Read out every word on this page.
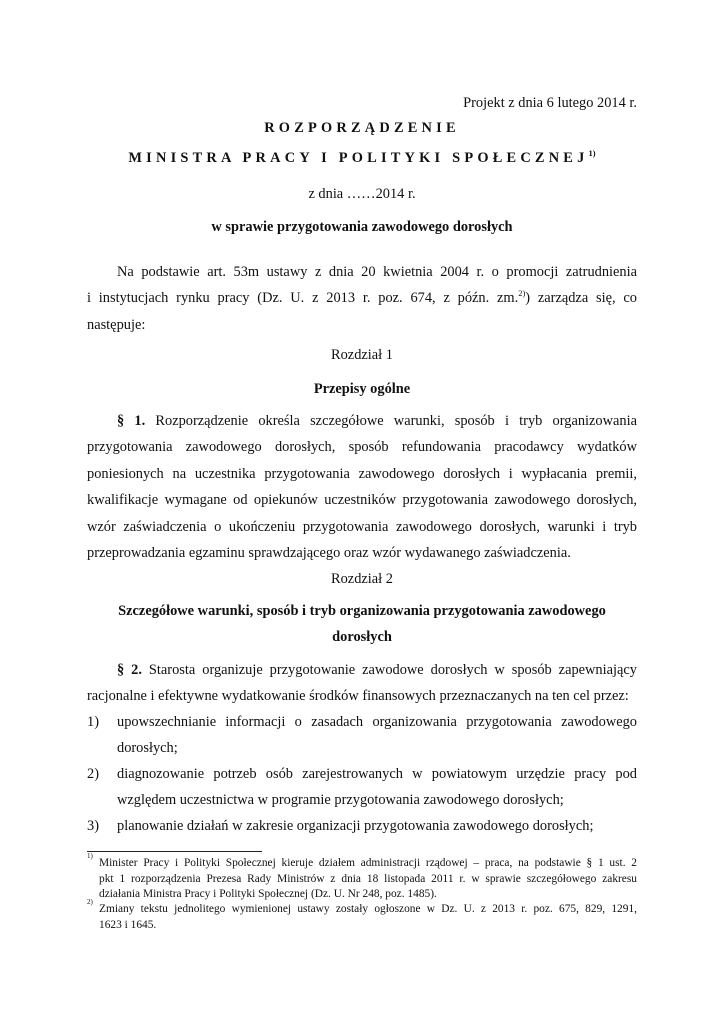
Projekt z dnia 6 lutego 2014 r.
ROZPORZĄDZENIE
MINISTRA PRACY I POLITYKI SPOŁECZNEJ$^{1)}$
z dnia ……2014 r.
w sprawie przygotowania zawodowego dorosłych
Na podstawie art. 53m ustawy z dnia 20 kwietnia 2004 r. o promocji zatrudnienia
i instytucjach rynku pracy (Dz. U. z 2013 r. poz. 674, z późn. zm.$^{2)}$) zarządza się, co
następuje:
Rozdział 1
Przepisy ogólne
§ 1. Rozporządzenie określa szczegółowe warunki, sposób i tryb organizowania
przygotowania zawodowego dorosłych, sposób refundowania pracodawcy wydatków
poniesionych na uczestnika przygotowania zawodowego dorosłych i wypłacania premii,
kwalifikacje wymagane od opiekunów uczestników przygotowania zawodowego dorosłych,
wzór zaświadczenia o ukończeniu przygotowania zawodowego dorosłych, warunki i tryb
przeprowadzania egzaminu sprawdzającego oraz wzór wydawanego zaświadczenia.
Rozdział 2
Szczegółowe warunki, sposób i tryb organizowania przygotowania zawodowego
dorosłych
§ 2. Starosta organizuje przygotowanie zawodowe dorosłych w sposób zapewniający
racjonalne i efektywne wydatkowanie środków finansowych przeznaczanych na ten cel przez:
1)	upowszechnianie informacji o zasadach organizowania przygotowania zawodowego
dorosłych;
2)	diagnozowanie potrzeb osób zarejestrowanych w powiatowym urzędzie pracy pod
względem uczestnictwa w programie przygotowania zawodowego dorosłych;
3)	planowanie działań w zakresie organizacji przygotowania zawodowego dorosłych;
1)
Minister Pracy i Polityki Społecznej kieruje działem administracji rządowej – praca, na podstawie § 1 ust. 2
pkt 1 rozporządzenia Prezesa Rady Ministrów z dnia 18 listopada 2011 r. w sprawie szczegółowego zakresu
działania Ministra Pracy i Polityki Społecznej (Dz. U. Nr 248, poz. 1485).
2)
Zmiany tekstu jednolitego wymienionej ustawy zostały ogłoszone w Dz. U. z 2013 r. poz. 675, 829, 1291,
1623 i 1645.
